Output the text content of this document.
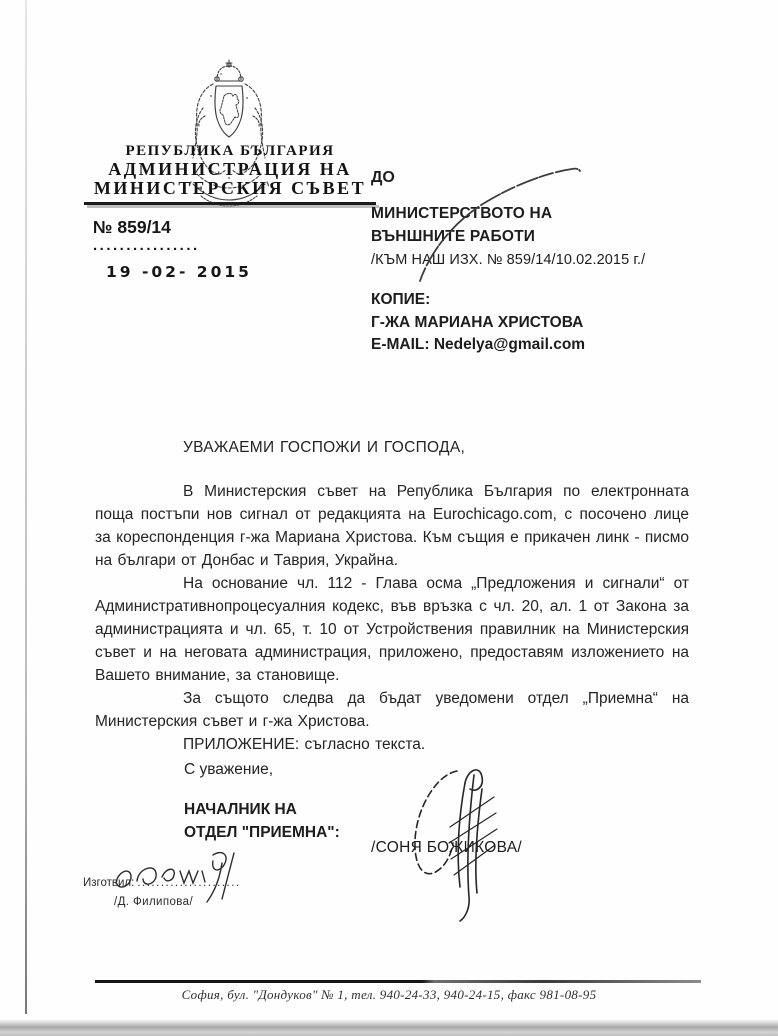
РЕПУБЛИКА БЪЛГАРИЯ
АДМИНИСТРАЦИЯ НА
МИНИСТЕРСКИЯ СЪВЕТ
№ 859/14
................
19 -02- 2015
ДО
МИНИСТЕРСТВОТО НА
ВЪНШНИТЕ РАБОТИ
/КЪМ НАШ ИЗХ. № 859/14/10.02.2015 г./
КОПИЕ:
Г-ЖА МАРИАНА ХРИСТОВА
E-MAIL: Nedelya@gmail.com
УВАЖАЕМИ ГОСПОЖИ И ГОСПОДА,

В Министерския съвет на Република България по електронната поща постъпи нов сигнал от редакцията на Eurochicago.com, с посочено лице за кореспонденция г-жа Мариана Христова. Към същия е прикачен линк - писмо на българи от Донбас и Таврия, Украйна.

На основание чл. 112 - Глава осма „Предложения и сигнали“ от Административнопроцесуалния кодекс, във връзка с чл. 20, ал. 1 от Закона за администрацията и чл. 65, т. 10 от Устройствения правилник на Министерския съвет и на неговата администрация, приложено, предоставям изложението на Вашето внимание, за становище.

За същото следва да бъдат уведомени отдел „Приемна“ на Министерския съвет и г-жа Христова.

ПРИЛОЖЕНИЕ: съгласно текста.

С уважение,
НАЧАЛНИК НА
ОТДЕЛ "ПРИЕМНА":
/СОНЯ БОЖИКОВА/
Изготвил: ......................
/Д. Филипова/
София, бул. "Дондуков" № 1, тел. 940-24-33, 940-24-15, факс 981-08-95
